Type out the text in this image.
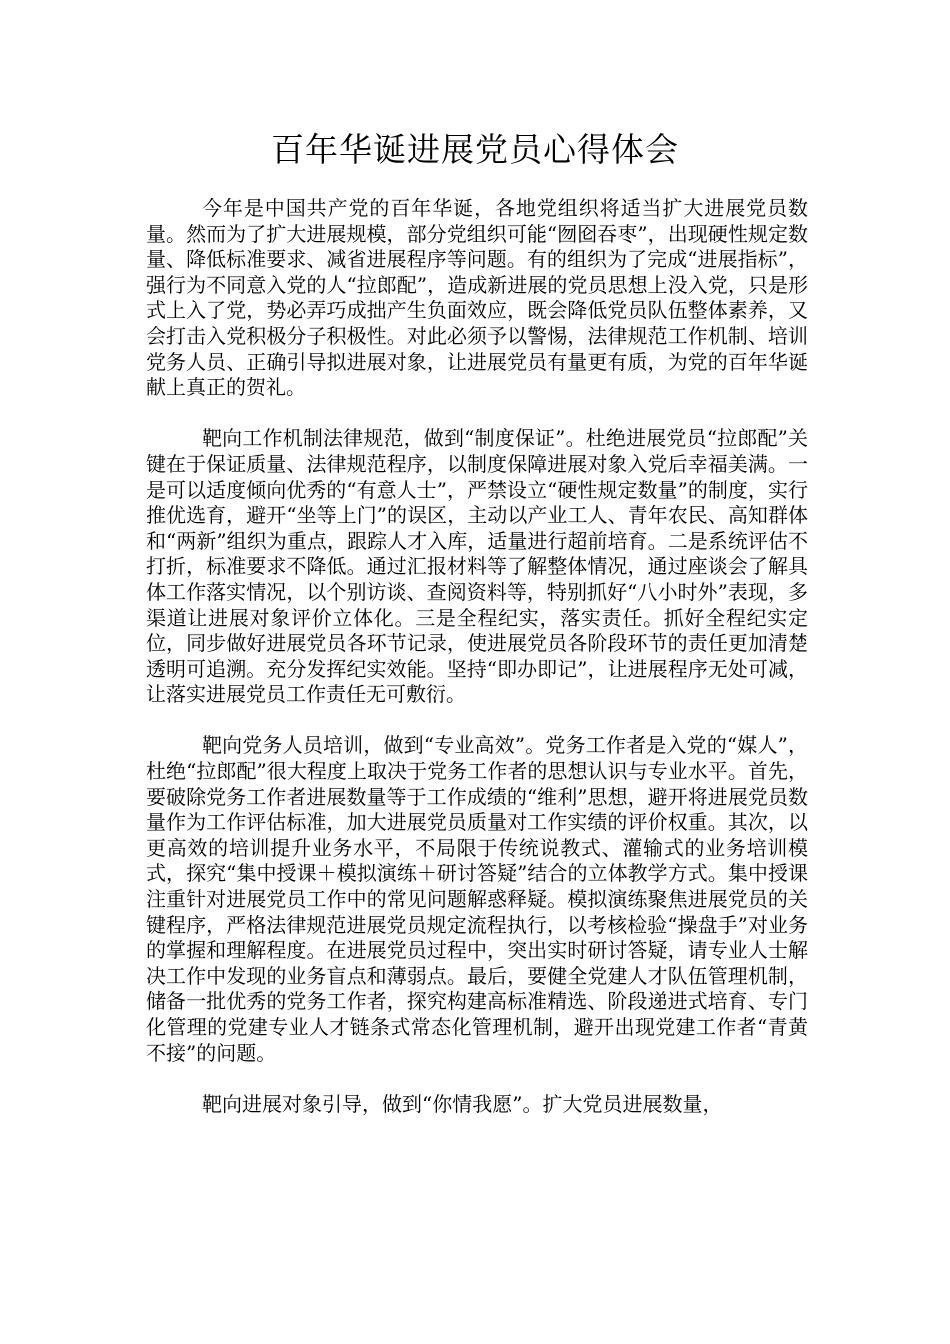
百年华诞进展党员心得体会

今年是中国共产党的百年华诞，各地党组织将适当扩大进展党员数量。然而为了扩大进展规模，部分党组织可能“囫囵吞枣”，出现硬性规定数量、降低标准要求、减省进展程序等问题。有的组织为了完成“进展指标”，强行为不同意入党的人“拉郎配”，造成新进展的党员思想上没入党，只是形式上入了党，势必弄巧成拙产生负面效应，既会降低党员队伍整体素养，又会打击入党积极分子积极性。对此必须予以警惕，法律规范工作机制、培训党务人员、正确引导拟进展对象，让进展党员有量更有质，为党的百年华诞献上真正的贺礼。

靶向工作机制法律规范，做到“制度保证”。杜绝进展党员“拉郎配”关键在于保证质量、法律规范程序，以制度保障进展对象入党后幸福美满。一是可以适度倾向优秀的“有意人士”，严禁设立“硬性规定数量”的制度，实行推优选育，避开“坐等上门”的误区，主动以产业工人、青年农民、高知群体和“两新”组织为重点，跟踪人才入库，适量进行超前培育。二是系统评估不打折，标准要求不降低。通过汇报材料等了解整体情况，通过座谈会了解具体工作落实情况，以个别访谈、查阅资料等，特别抓好“八小时外”表现，多渠道让进展对象评价立体化。三是全程纪实，落实责任。抓好全程纪实定位，同步做好进展党员各环节记录，使进展党员各阶段环节的责任更加清楚透明可追溯。充分发挥纪实效能。坚持“即办即记”，让进展程序无处可减，让落实进展党员工作责任无可敷衍。

靶向党务人员培训，做到“专业高效”。党务工作者是入党的“媒人”，杜绝“拉郎配”很大程度上取决于党务工作者的思想认识与专业水平。首先，要破除党务工作者进展数量等于工作成绩的“维利”思想，避开将进展党员数量作为工作评估标准，加大进展党员质量对工作实绩的评价权重。其次，以更高效的培训提升业务水平，不局限于传统说教式、灌输式的业务培训模式，探究“集中授课＋模拟演练＋研讨答疑”结合的立体教学方式。集中授课注重针对进展党员工作中的常见问题解惑释疑。模拟演练聚焦进展党员的关键程序，严格法律规范进展党员规定流程执行，以考核检验“操盘手”对业务的掌握和理解程度。在进展党员过程中，突出实时研讨答疑，请专业人士解决工作中发现的业务盲点和薄弱点。最后，要健全党建人才队伍管理机制，储备一批优秀的党务工作者，探究构建高标准精选、阶段递进式培育、专门化管理的党建专业人才链条式常态化管理机制，避开出现党建工作者“青黄不接”的问题。

靶向进展对象引导，做到“你情我愿”。扩大党员进展数量，
